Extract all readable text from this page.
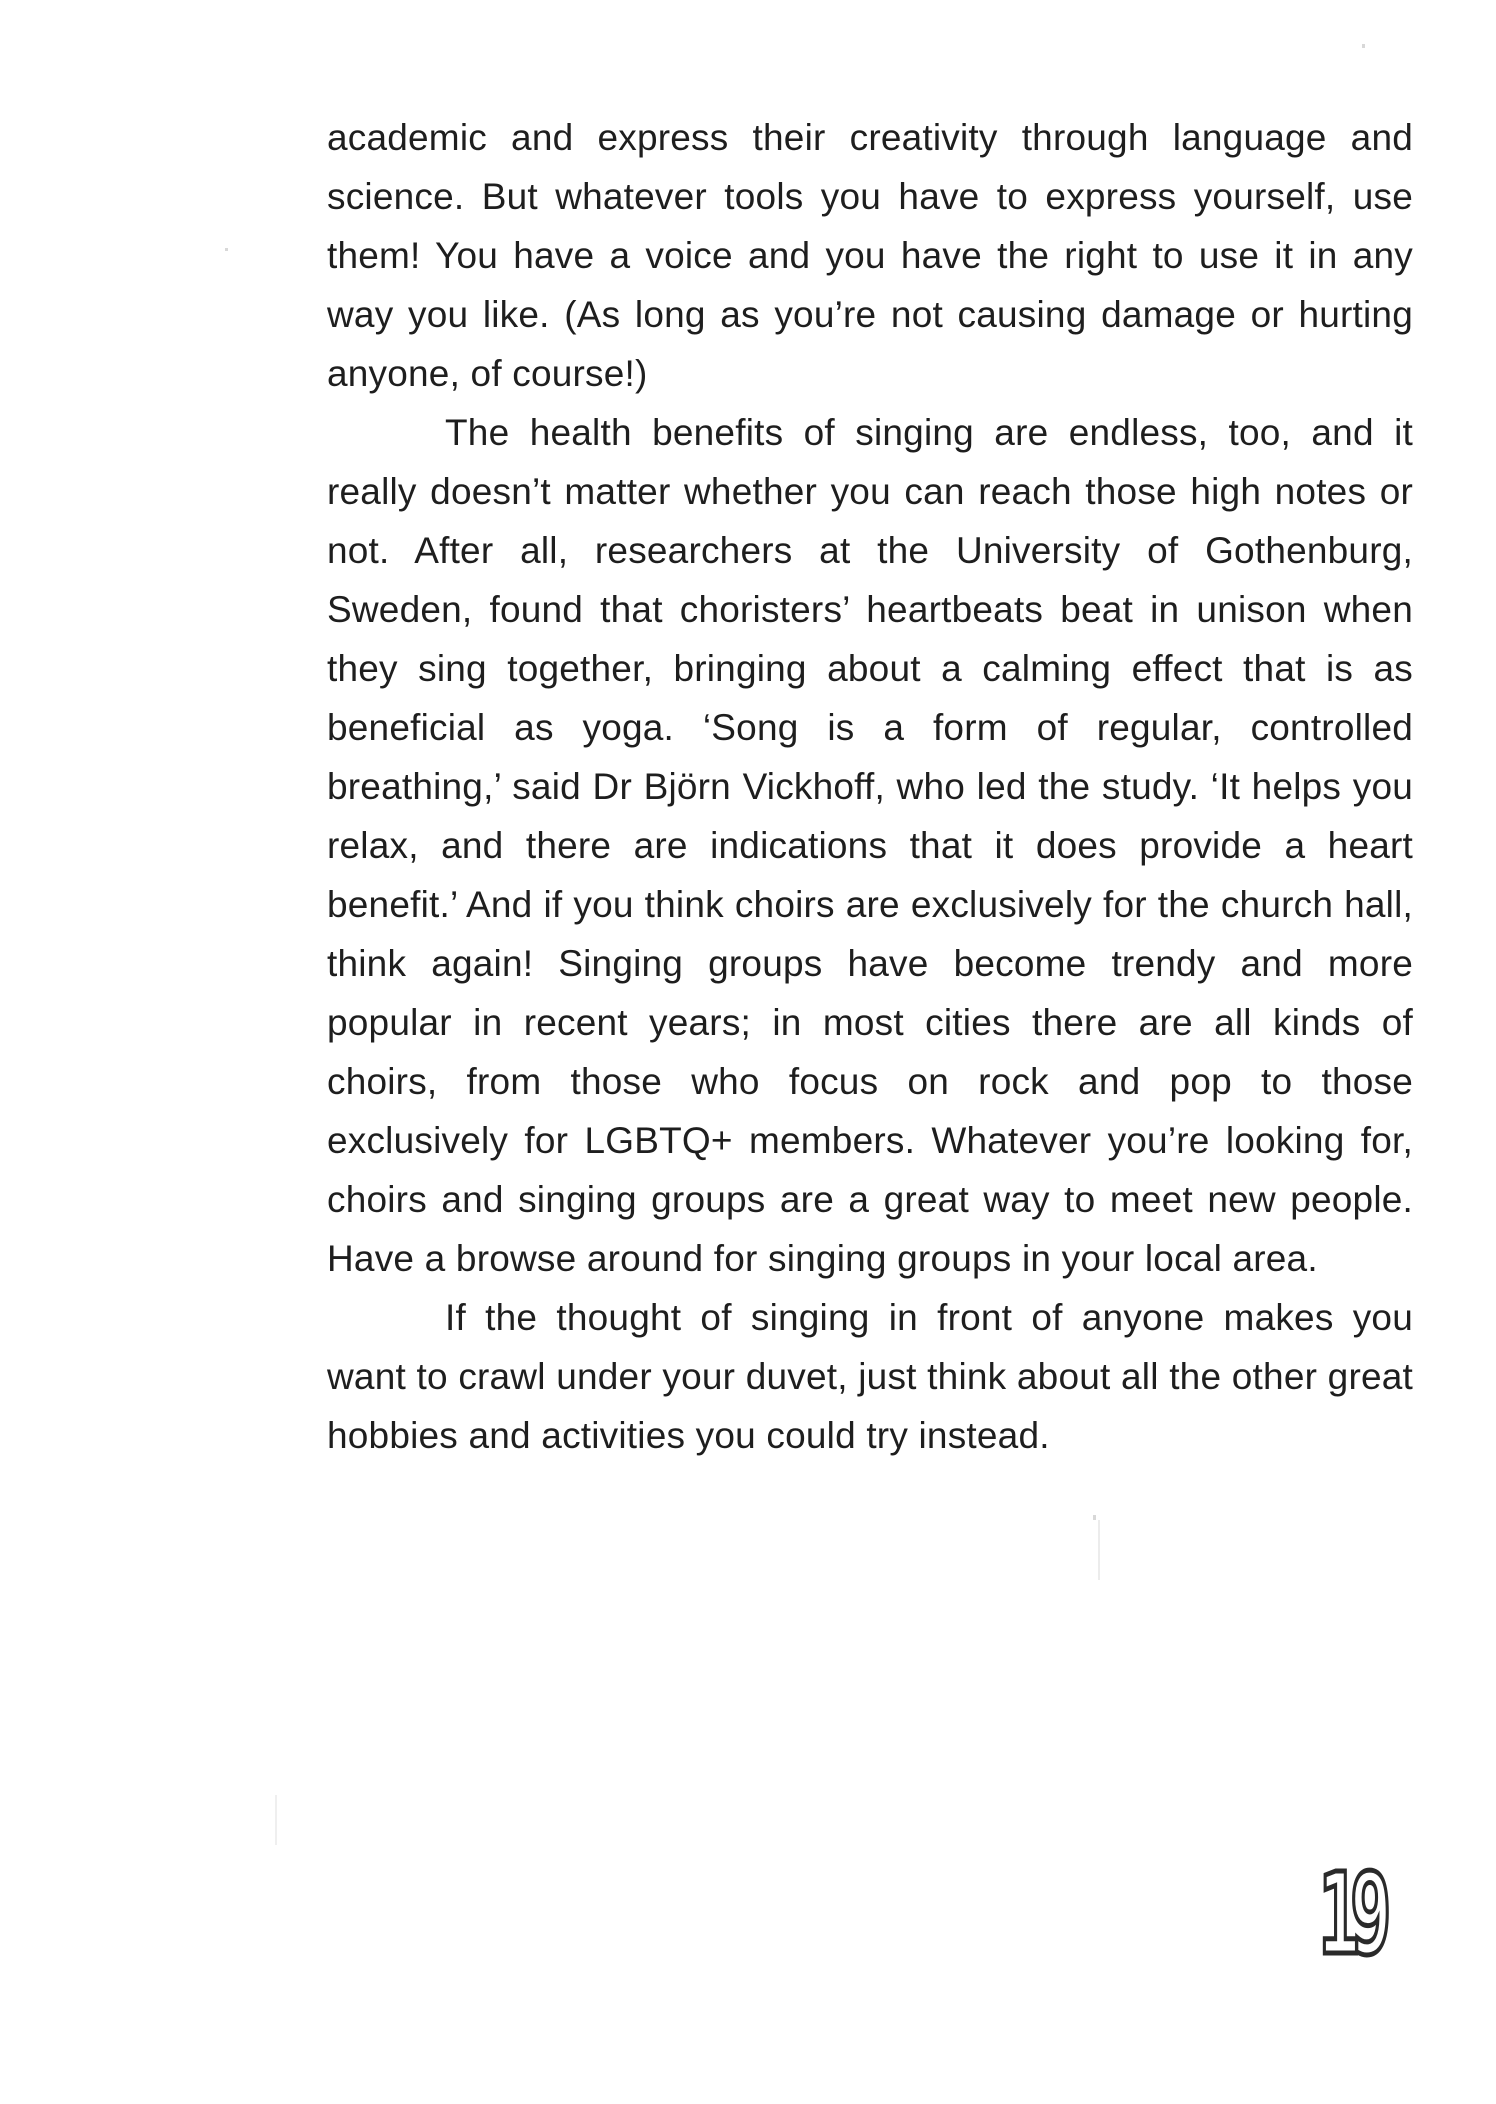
academic and express their creativity through language and science. But whatever tools you have to express yourself, use them! You have a voice and you have the right to use it in any way you like. (As long as you’re not causing damage or hurting anyone, of course!)

The health benefits of singing are endless, too, and it really doesn’t matter whether you can reach those high notes or not. After all, researchers at the University of Gothenburg, Sweden, found that choristers’ heartbeats beat in unison when they sing together, bringing about a calming effect that is as beneficial as yoga. ‘Song is a form of regular, controlled breathing,’ said Dr Björn Vickhoff, who led the study. ‘It helps you relax, and there are indications that it does provide a heart benefit.’ And if you think choirs are exclusively for the church hall, think again! Singing groups have become trendy and more popular in recent years; in most cities there are all kinds of choirs, from those who focus on rock and pop to those exclusively for LGBTQ+ members. Whatever you’re looking for, choirs and singing groups are a great way to meet new people. Have a browse around for singing groups in your local area.

If the thought of singing in front of anyone makes you want to crawl under your duvet, just think about all the other great hobbies and activities you could try instead.

19
